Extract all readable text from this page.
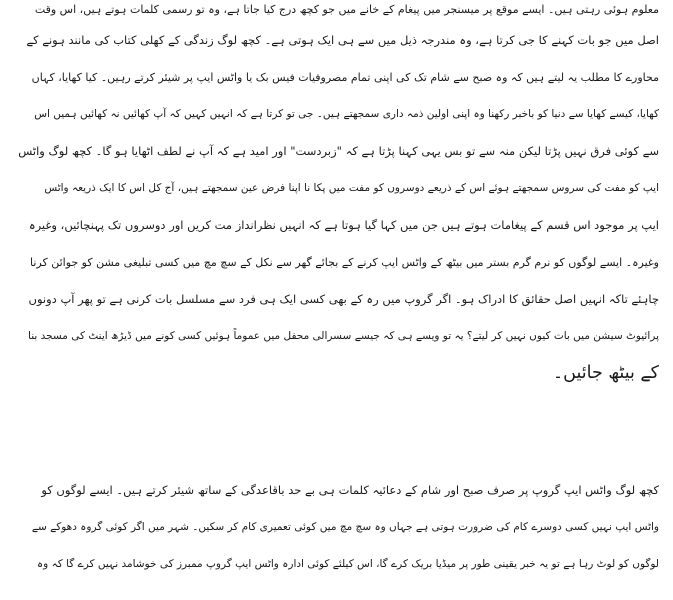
معلوم ہوئی رہتی ہیں۔ ایسے موقع پر میسنجر میں پیغام کے خانے میں جو کچھ درج کیا جاتا ہے، وہ تو رسمی کلمات ہوتے ہیں، اس وقت
اصل میں جو بات کہنے کا جی کرتا ہے، وہ مندرجہ ذیل میں سے ہی ایک ہوتی ہے۔ کچھ لوگ زندگی کے کھلی کتاب کی مانند ہونے کے
محاورے کا مطلب یہ لیتے ہیں کہ وہ صبح سے شام تک کی اپنی تمام مصروفیات فیس بک یا واٹس ایپ پر شیئر کرتے رہیں۔ کیا کھایا، کہاں
کھایا، کیسے کھایا سے دنیا کو باخبر رکھنا وہ اپنی اولین ذمہ داری سمجھتے ہیں۔ جی تو کرتا ہے کہ انہیں کہیں کہ آپ کھائیں نہ کھائیں ہمیں اس
سے کوئی فرق نہیں پڑتا لیکن منہ سے تو بس یہی کہنا پڑتا ہے کہ "زبردست" اور امید ہے کہ آپ نے لطف اٹھایا ہو گا۔ کچھ لوگ واٹس
ایپ کو مفت کی سروس سمجھتے ہوئے اس کے ذریعے دوسروں کو مفت میں پکا نا اپنا فرض عین سمجھتے ہیں، آج کل اس کا ایک ذریعہ واٹس
ایپ پر موجود اس قسم کے پیغامات ہوتے ہیں جن میں کہا گیا ہوتا ہے کہ انہیں نظرانداز مت کریں اور دوسروں تک پہنچائیں، وغیرہ
وغیرہ۔ ایسے لوگوں کو نرم گرم بستر میں بیٹھ کے واٹس ایپ کرنے کے بجائے گھر سے نکل کے سچ مچ میں کسی تبلیغی مشن کو جوائن کرنا
چاہئے تاکہ انہیں اصل حقائق کا ادراک ہو۔ اگر گروپ میں رہ کے بھی کسی ایک ہی فرد سے مسلسل بات کرنی ہے تو پھر آپ دونوں
پرائیوٹ سیشن میں بات کیوں نہیں کر لیتے؟ یہ تو ویسے ہی کہ جیسے سسرالی محفل میں عموماً ہوئیں کسی کونے میں ڈیڑھ اینٹ کی مسجد بنا
کے بیٹھ جائیں۔
کچھ لوگ واٹس ایپ گروپ پر صرف صبح اور شام کے دعائیہ کلمات ہی بے حد باقاعدگی کے ساتھ شیئر کرتے ہیں۔ ایسے لوگوں کو
واٹس ایپ نہیں کسی دوسرے کام کی ضرورت ہوتی ہے جہاں وہ سچ مچ میں کوئی تعمیری کام کر سکیں۔ شہر میں اگر کوئی گروہ دھوکے سے
لوگوں کو لوٹ رہا ہے تو یہ خبر یقینی طور پر میڈیا بریک کرے گا، اس کیلئے کوئی ادارہ واٹس ایپ گروپ ممبرز کی خوشامد نہیں کرے گا کہ وہ
